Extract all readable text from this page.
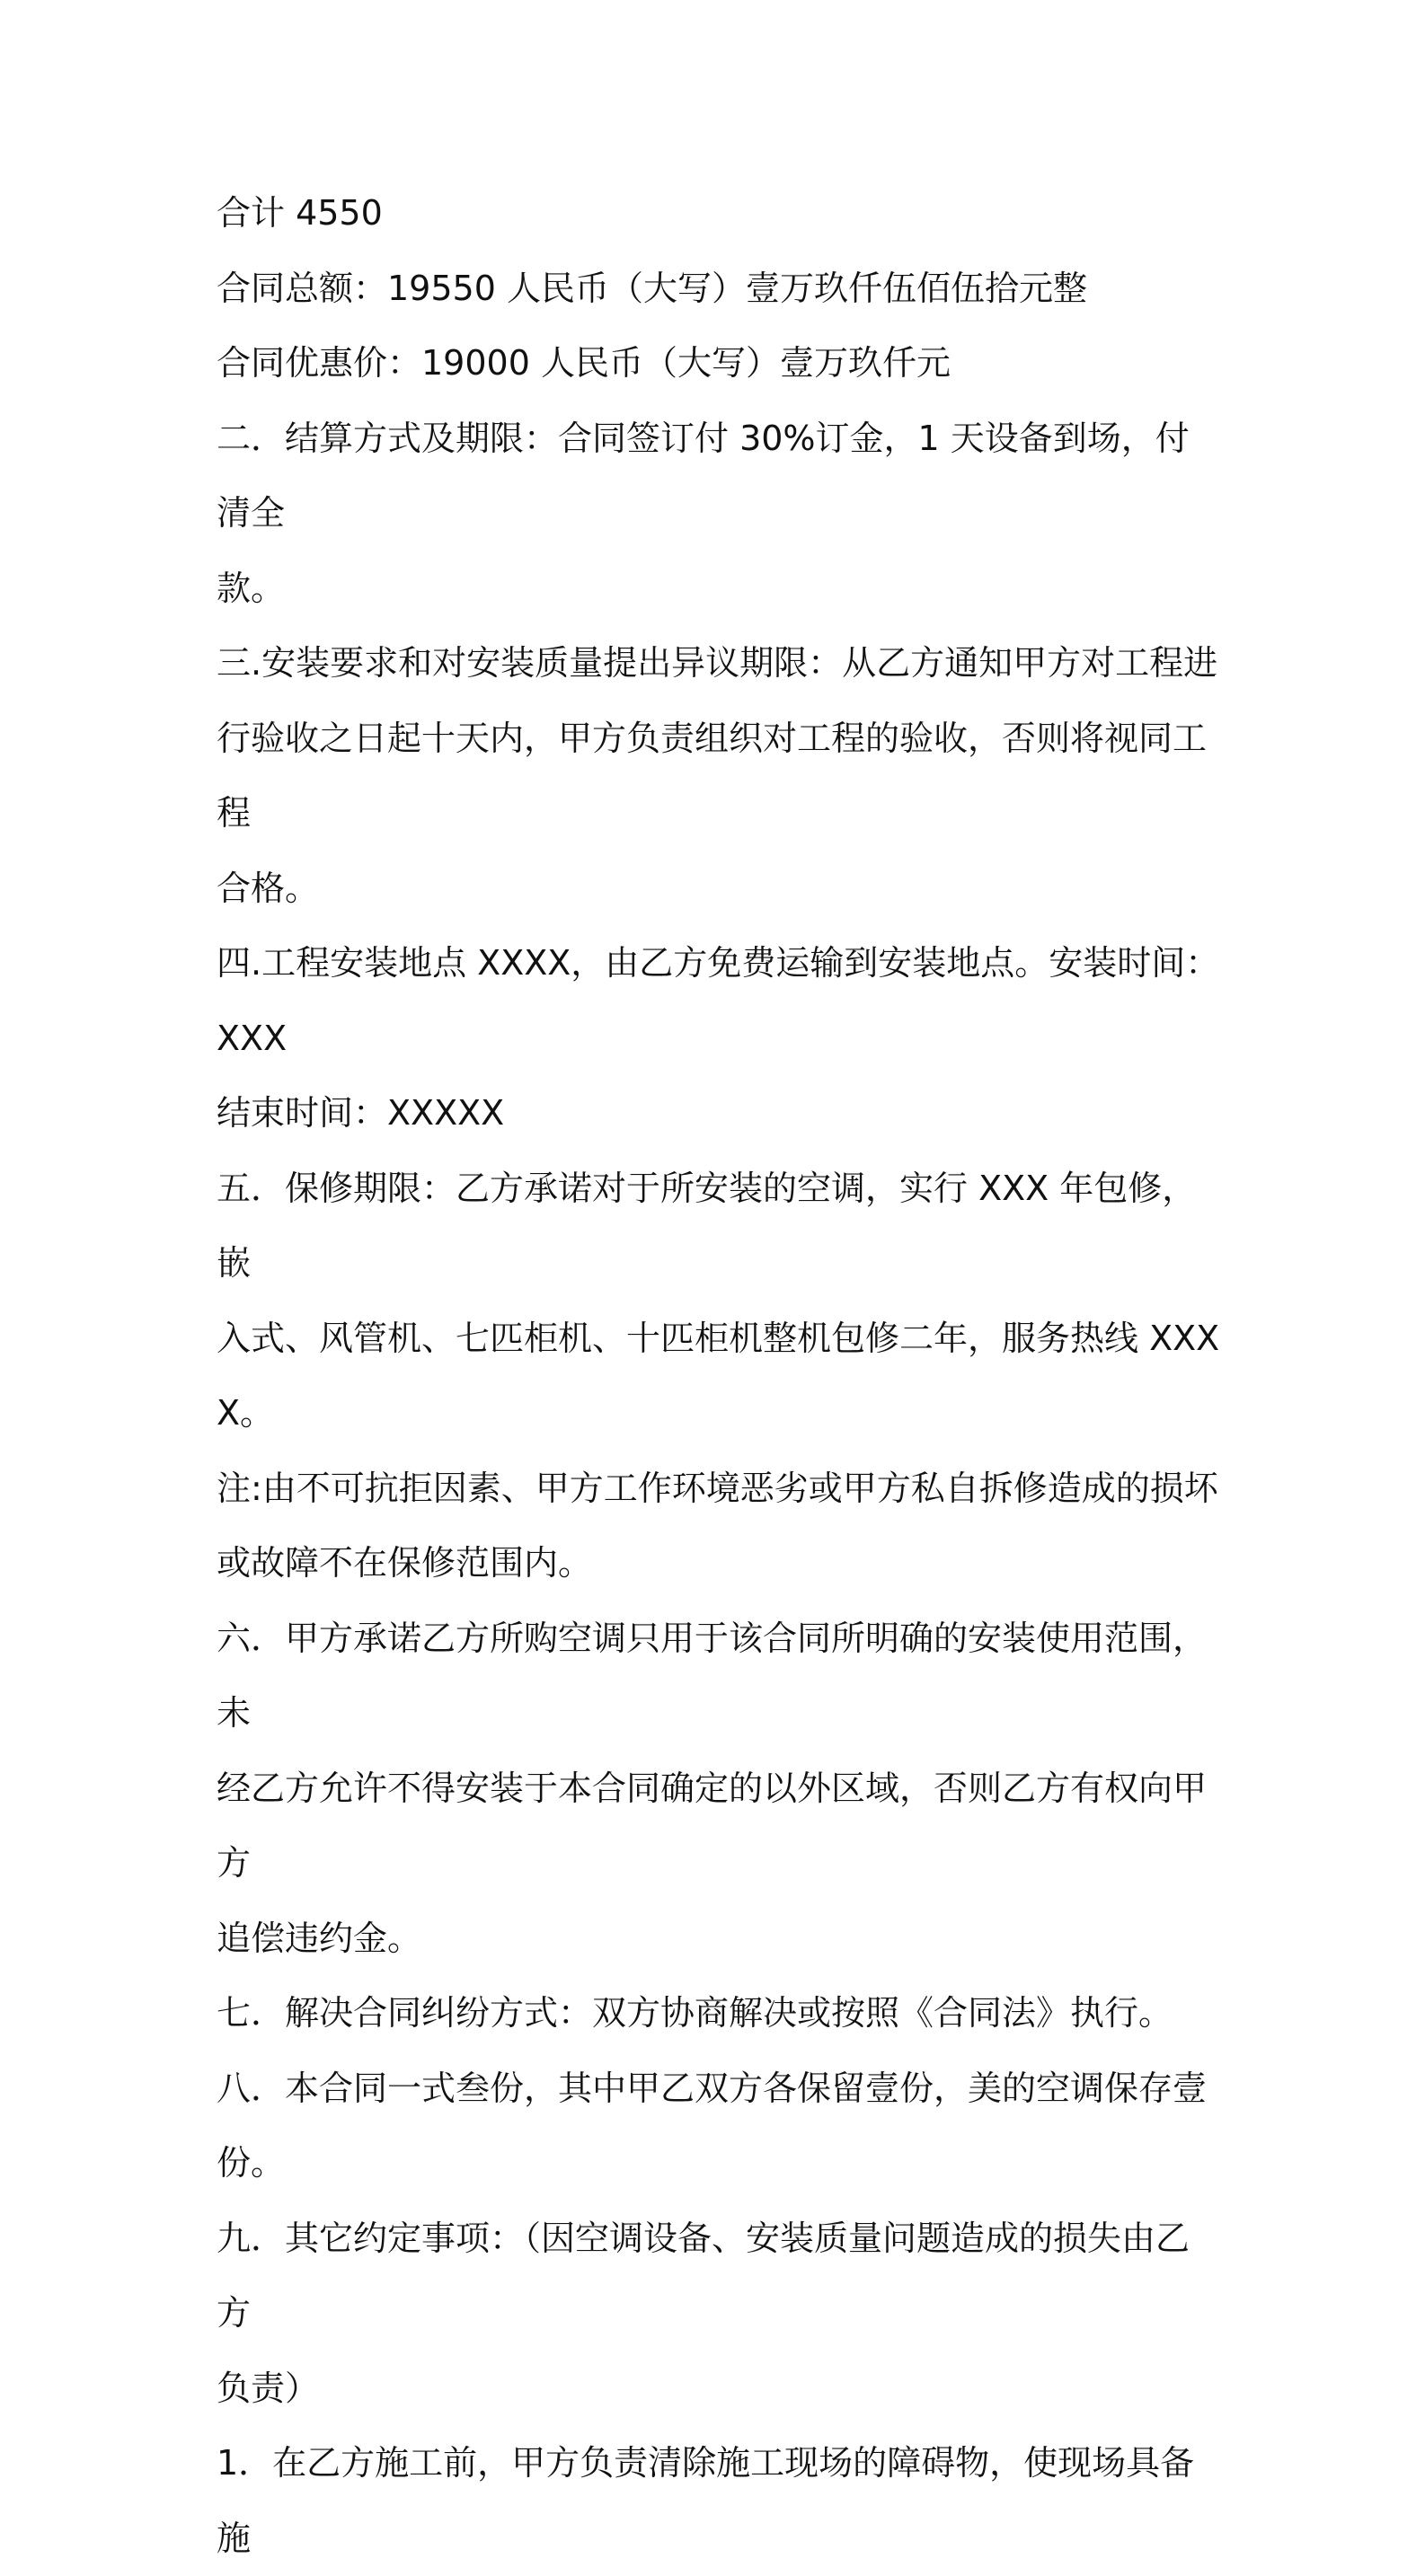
合计 4550

合同总额：19550 人民币（大写）壹万玖仟伍佰伍拾元整

合同优惠价：19000 人民币（大写）壹万玖仟元

二．结算方式及期限：合同签订付 30%订金，1 天设备到场，付清全

款。

三.安装要求和对安装质量提出异议期限：从乙方通知甲方对工程进

行验收之日起十天内，甲方负责组织对工程的验收，否则将视同工程

合格。

四.工程安装地点 XXXX，由乙方免费运输到安装地点。安装时间：XXX

结束时间：XXXXX

五．保修期限：乙方承诺对于所安装的空调，实行 XXX 年包修，嵌

入式、风管机、七匹柜机、十匹柜机整机包修二年，服务热线 XXXX。

注:由不可抗拒因素、甲方工作环境恶劣或甲方私自拆修造成的损坏

或故障不在保修范围内。

六．甲方承诺乙方所购空调只用于该合同所明确的安装使用范围，未

经乙方允许不得安装于本合同确定的以外区域，否则乙方有权向甲方

追偿违约金。

七．解决合同纠纷方式：双方协商解决或按照《合同法》执行。

八．本合同一式叁份，其中甲乙双方各保留壹份，美的空调保存壹份。

九．其它约定事项：（因空调设备、安装质量问题造成的损失由乙方

负责）

1．在乙方施工前，甲方负责清除施工现场的障碍物，使现场具备施
